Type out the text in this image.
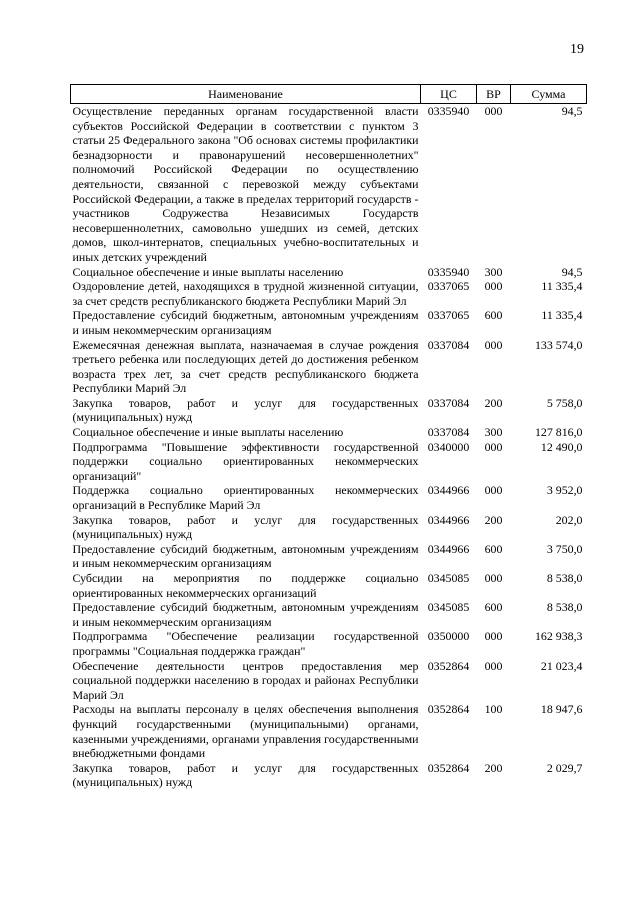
19
Наименование	ЦС	ВР	Сумма
Осуществление переданных органам государственной власти субъектов Российской Федерации в соответствии с пунктом 3 статьи 25 Федерального закона "Об основах системы профилактики безнадзорности и правонарушений несовершеннолетних" полномочий Российской Федерации по осуществлению деятельности, связанной с перевозкой между субъектами Российской Федерации, а также в пределах территорий государств - участников Содружества Независимых Государств несовершеннолетних, самовольно ушедших из семей, детских домов, школ-интернатов, специальных учебно-воспитательных и иных детских учреждений	0335940	000	94,5
Социальное обеспечение и иные выплаты населению	0335940	300	94,5
Оздоровление детей, находящихся в трудной жизненной ситуации, за счет средств республиканского бюджета Республики Марий Эл	0337065	000	11 335,4
Предоставление субсидий бюджетным, автономным учреждениям и иным некоммерческим организациям	0337065	600	11 335,4
Ежемесячная денежная выплата, назначаемая в случае рождения третьего ребенка или последующих детей до достижения ребенком возраста трех лет, за счет средств республиканского бюджета Республики Марий Эл	0337084	000	133 574,0
Закупка товаров, работ и услуг для государственных (муниципальных) нужд	0337084	200	5 758,0
Социальное обеспечение и иные выплаты населению	0337084	300	127 816,0
Подпрограмма "Повышение эффективности государственной поддержки социально ориентированных некоммерческих организаций"	0340000	000	12 490,0
Поддержка социально ориентированных некоммерческих организаций в Республике Марий Эл	0344966	000	3 952,0
Закупка товаров, работ и услуг для государственных (муниципальных) нужд	0344966	200	202,0
Предоставление субсидий бюджетным, автономным учреждениям и иным некоммерческим организациям	0344966	600	3 750,0
Субсидии на мероприятия по поддержке социально ориентированных некоммерческих организаций	0345085	000	8 538,0
Предоставление субсидий бюджетным, автономным учреждениям и иным некоммерческим организациям	0345085	600	8 538,0
Подпрограмма "Обеспечение реализации государственной программы "Социальная поддержка граждан"	0350000	000	162 938,3
Обеспечение деятельности центров предоставления мер социальной поддержки населению в городах и районах Республики Марий Эл	0352864	000	21 023,4
Расходы на выплаты персоналу в целях обеспечения выполнения функций государственными (муниципальными) органами, казенными учреждениями, органами управления государственными внебюджетными фондами	0352864	100	18 947,6
Закупка товаров, работ и услуг для государственных (муниципальных) нужд	0352864	200	2 029,7
